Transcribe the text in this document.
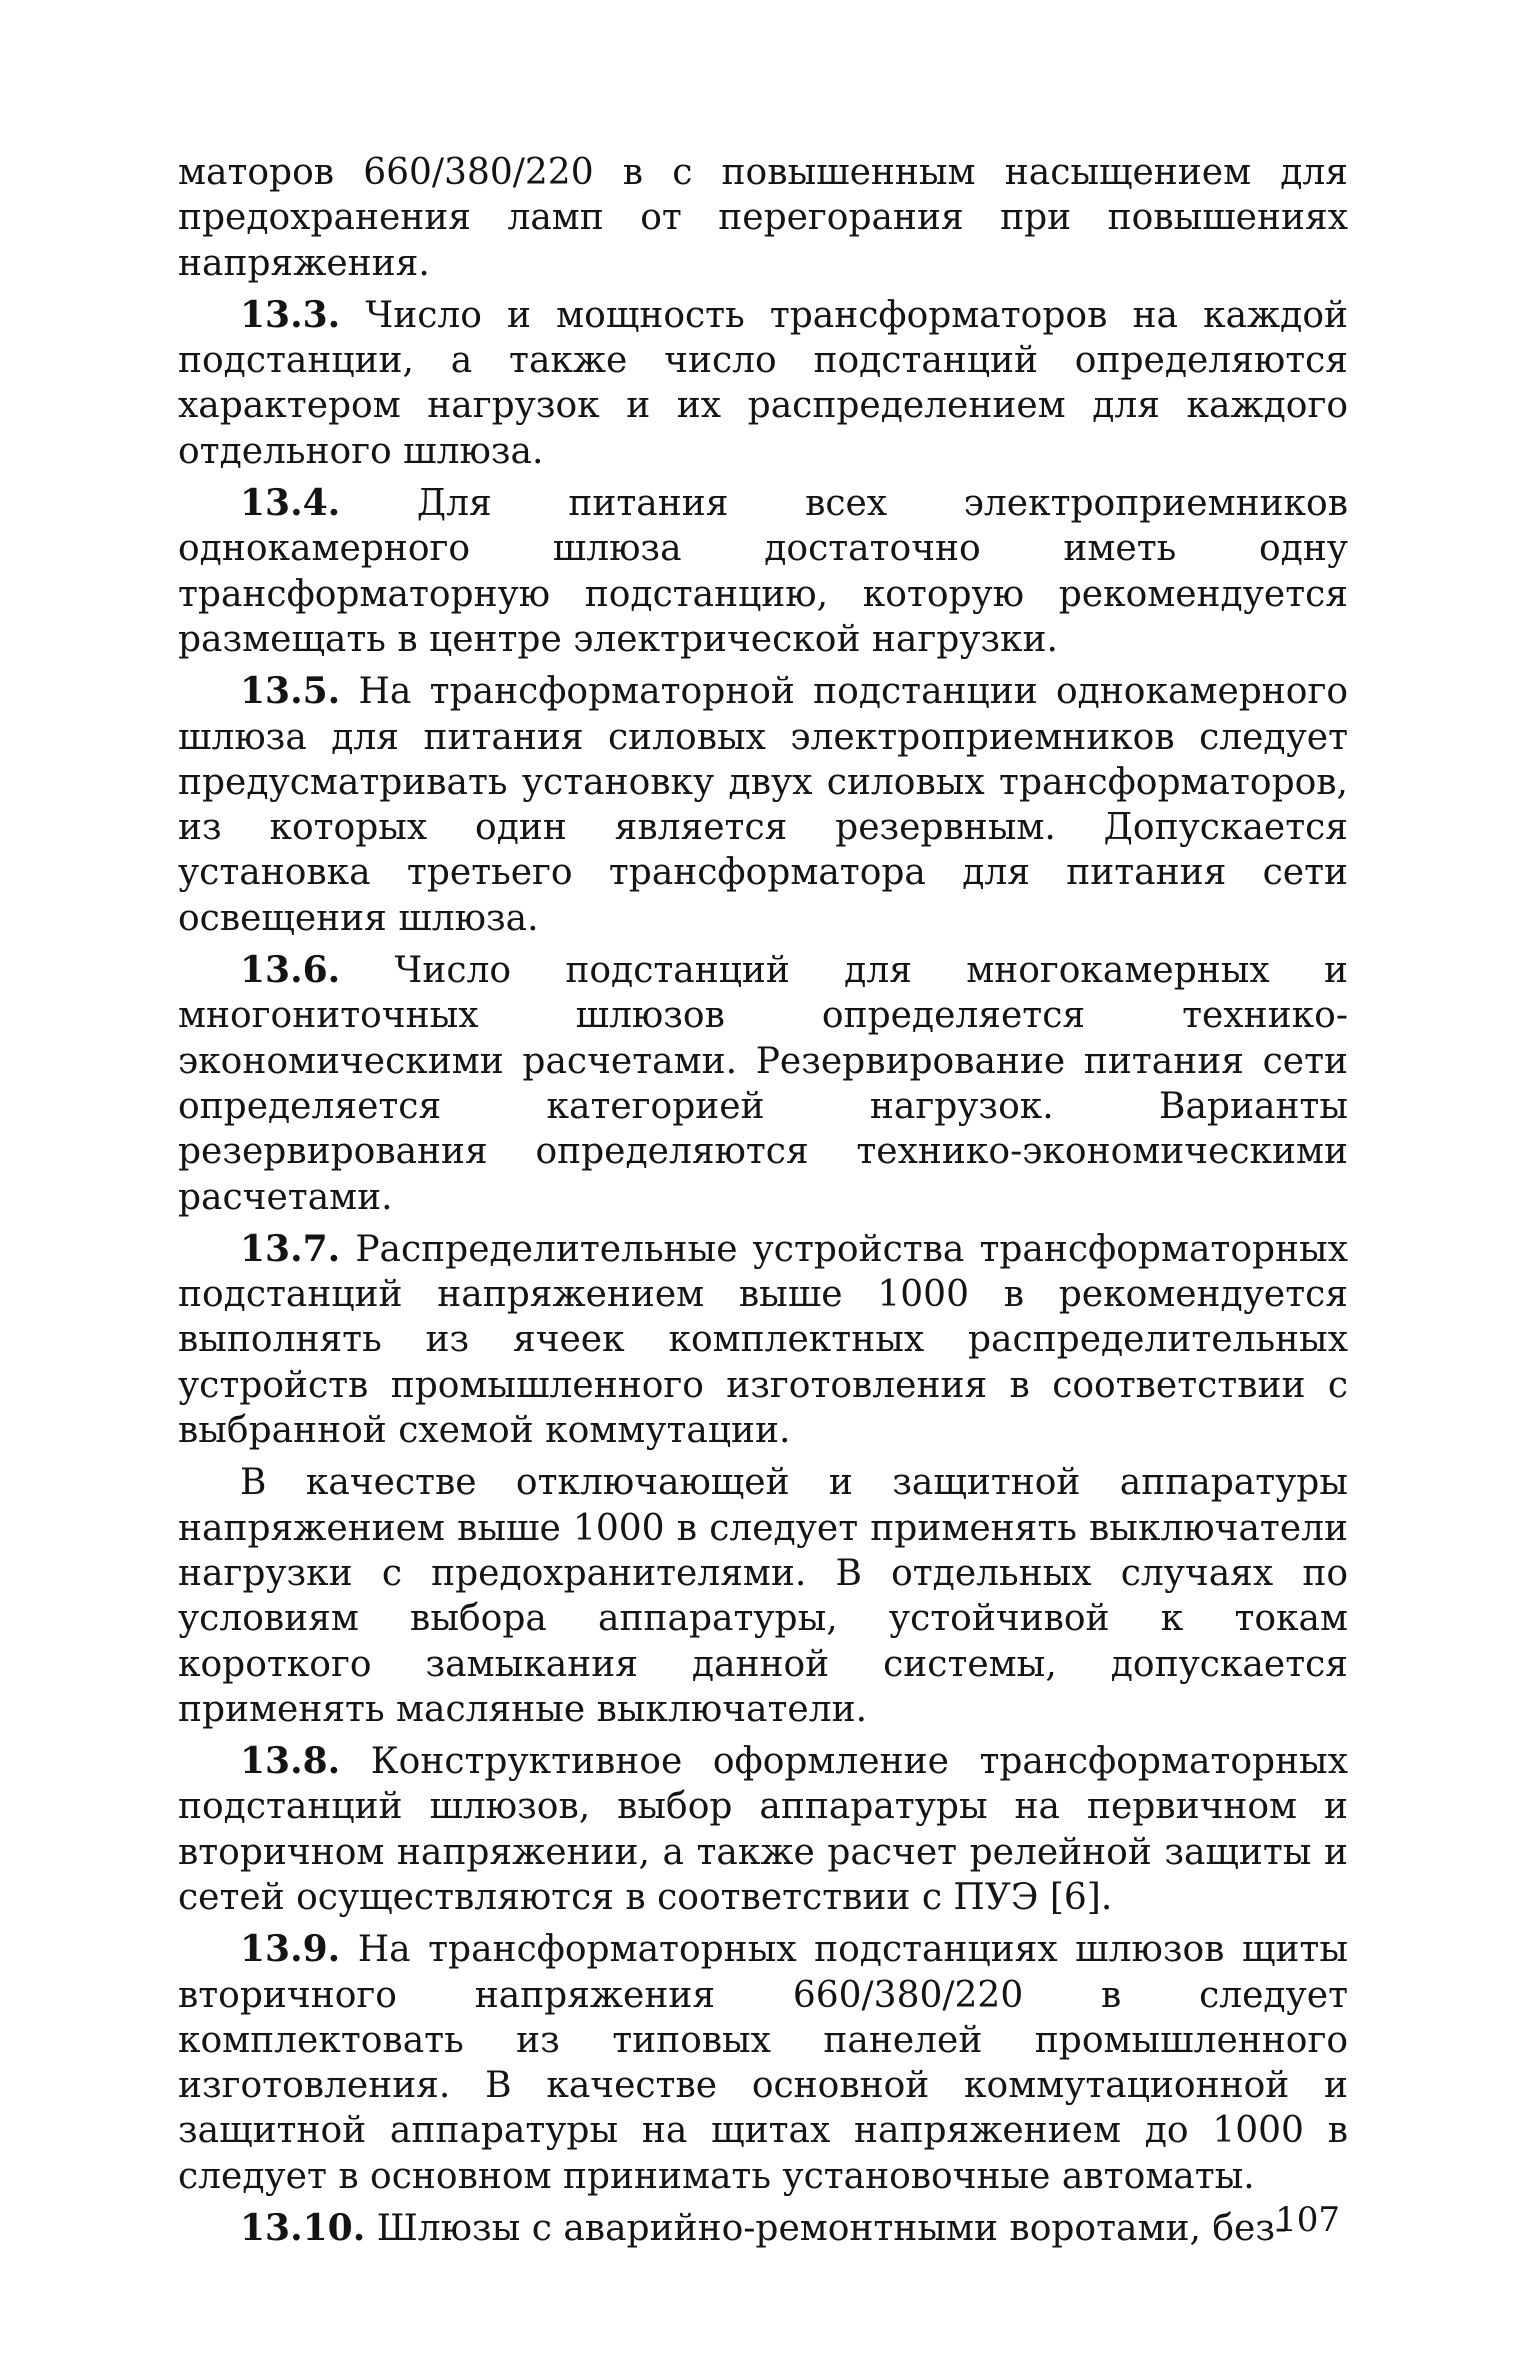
маторов 660/380/220 в с повышенным насыщением для предохранения ламп от перегорания при повышениях напряжения.

13.3. Число и мощность трансформаторов на каждой подстанции, а также число подстанций определяются характером нагрузок и их распределением для каждого отдельного шлюза.

13.4. Для питания всех электроприемников однокамерного шлюза достаточно иметь одну трансформаторную подстанцию, которую рекомендуется размещать в центре электрической нагрузки.

13.5. На трансформаторной подстанции однокамерного шлюза для питания силовых электроприемников следует предусматривать установку двух силовых трансформаторов, из которых один является резервным. Допускается установка третьего трансформатора для питания сети освещения шлюза.

13.6. Число подстанций для многокамерных и многониточных шлюзов определяется технико-экономическими расчетами. Резервирование питания сети определяется категорией нагрузок. Варианты резервирования определяются технико-экономическими расчетами.

13.7. Распределительные устройства трансформаторных подстанций напряжением выше 1000 в рекомендуется выполнять из ячеек комплектных распределительных устройств промышленного изготовления в соответствии с выбранной схемой коммутации.

В качестве отключающей и защитной аппаратуры напряжением выше 1000 в следует применять выключатели нагрузки с предохранителями. В отдельных случаях по условиям выбора аппаратуры, устойчивой к токам короткого замыкания данной системы, допускается применять масляные выключатели.

13.8. Конструктивное оформление трансформаторных подстанций шлюзов, выбор аппаратуры на первичном и вторичном напряжении, а также расчет релейной защиты и сетей осуществляются в соответствии с ПУЭ [6].

13.9. На трансформаторных подстанциях шлюзов щиты вторичного напряжения 660/380/220 в следует комплектовать из типовых панелей промышленного изготовления. В качестве основной коммутационной и защитной аппаратуры на щитах напряжением до 1000 в следует в основном принимать установочные автоматы.

13.10. Шлюзы с аварийно-ремонтными воротами, без-

107
